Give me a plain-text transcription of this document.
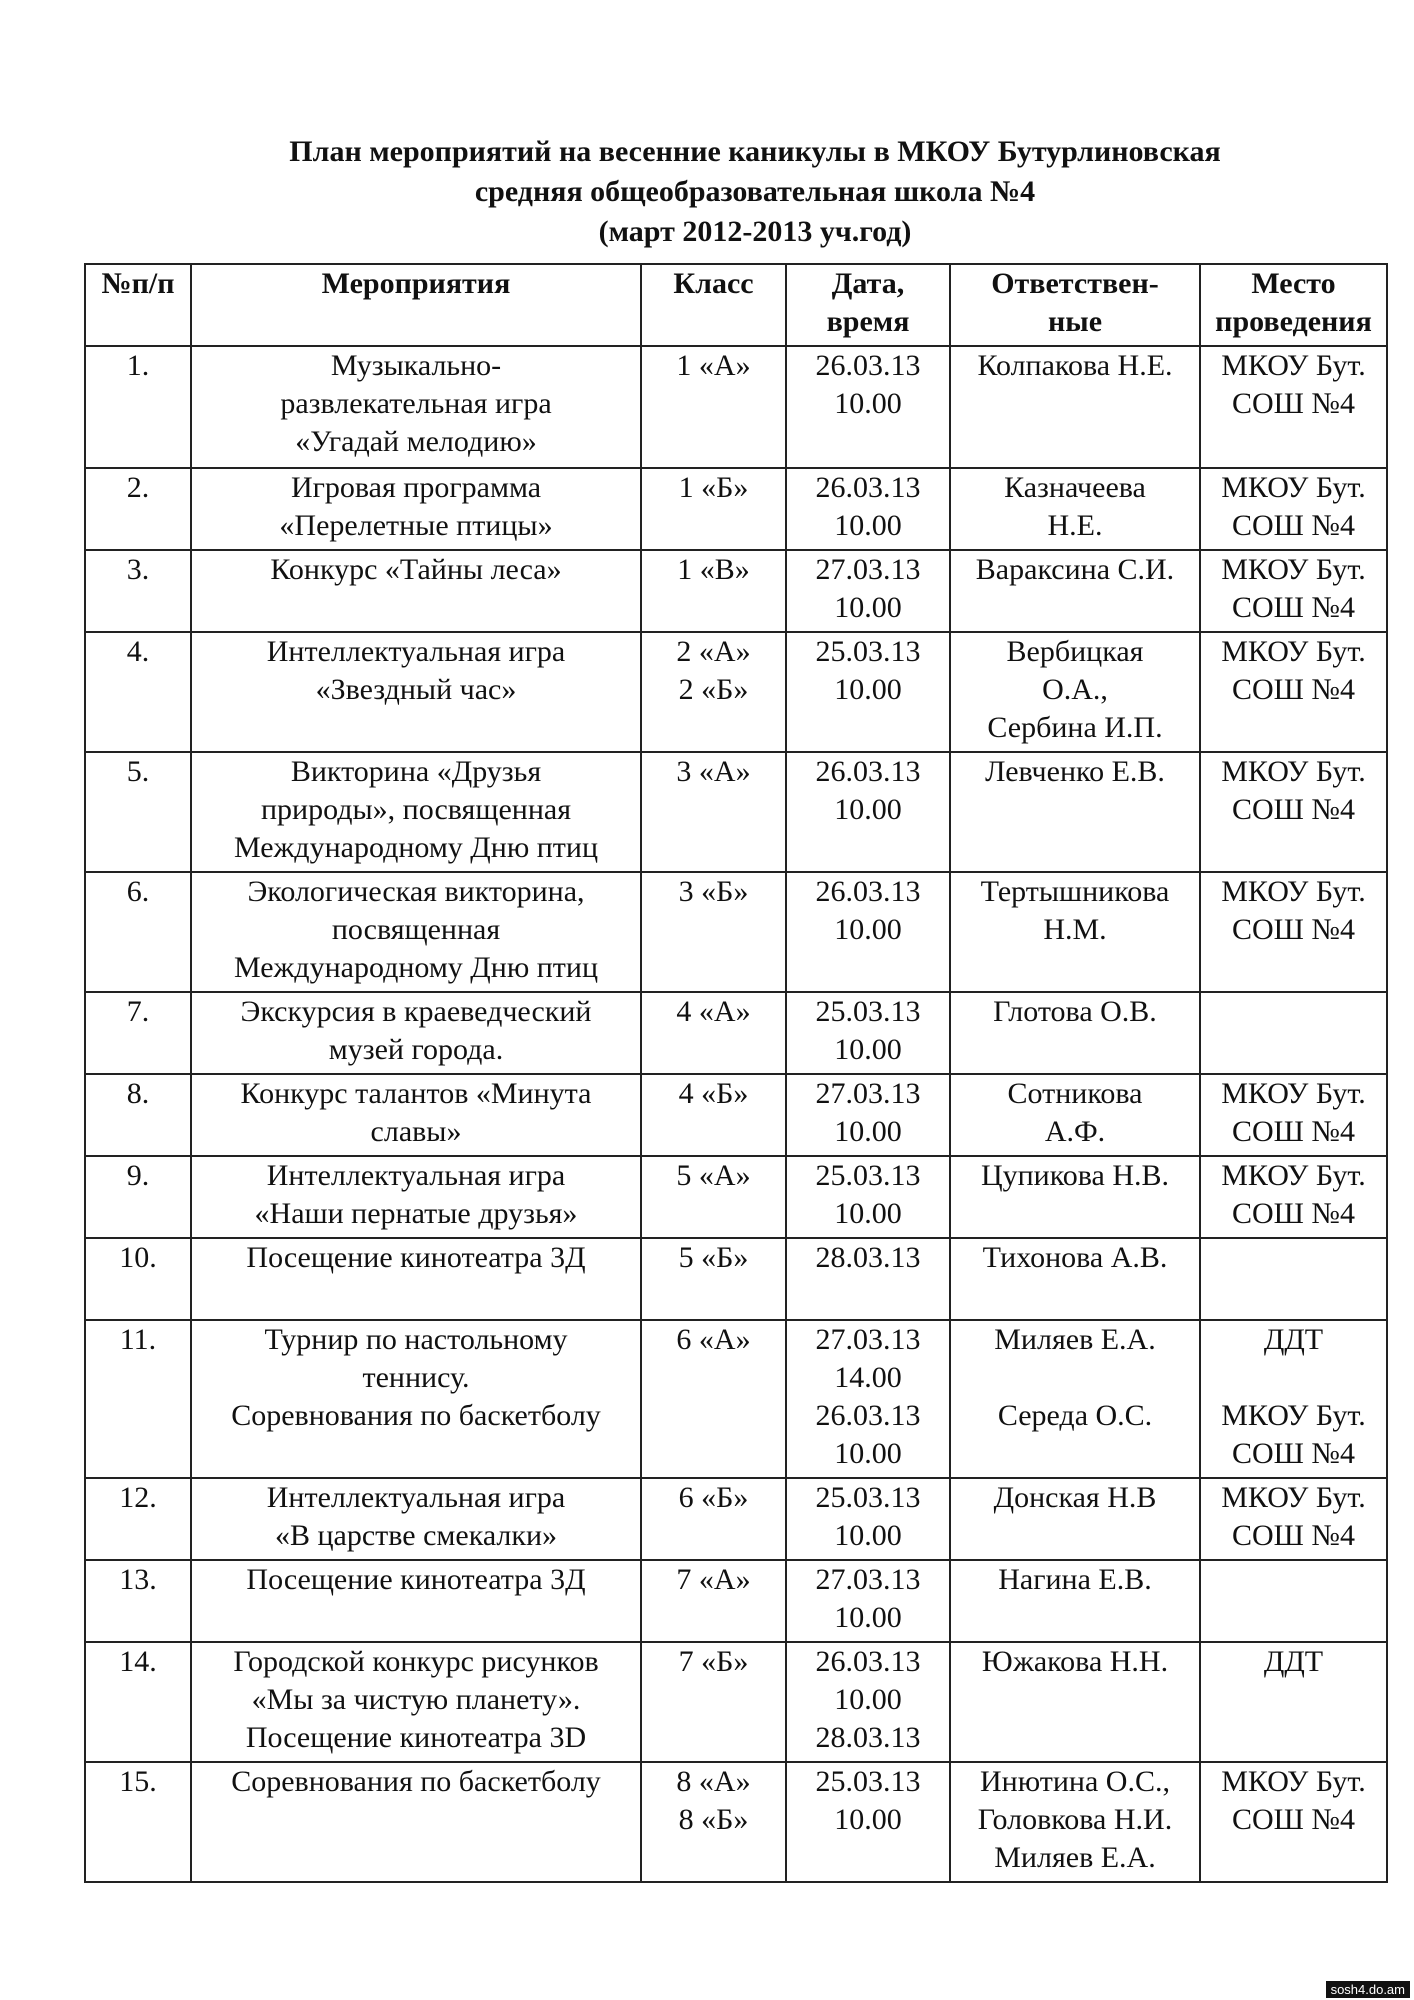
План мероприятий на весенние каникулы в МКОУ Бутурлиновская
средняя общеобразовательная школа №4
(март 2012-2013 уч.год)
№п/п	Мероприятия	Класс	Дата,
время	Ответствен-
ные	Место
проведения

1.	Музыкально-
развлекательная игра
«Угадай мелодию»	1 «А»	26.03.13
10.00	Колпакова Н.Е.	МКОУ Бут.
СОШ №4

2.	Игровая программа
«Перелетные птицы»	1 «Б»	26.03.13
10.00	Казначеева
Н.Е.	МКОУ Бут.
СОШ №4

3.	Конкурс «Тайны леса»	1 «В»	27.03.13
10.00	Вараксина С.И.	МКОУ Бут.
СОШ №4

4.	Интеллектуальная игра
«Звездный час»	2 «А»
2 «Б»	25.03.13
10.00	Вербицкая
О.А.,
Сербина И.П.	МКОУ Бут.
СОШ №4

5.	Викторина «Друзья
природы», посвященная
Международному Дню птиц	3 «А»	26.03.13
10.00	Левченко Е.В.	МКОУ Бут.
СОШ №4

6.	Экологическая викторина,
посвященная
Международному Дню птиц	3 «Б»	26.03.13
10.00	Тертышникова
Н.М.	МКОУ Бут.
СОШ №4

7.	Экскурсия в краеведческий
музей города.	4 «А»	25.03.13
10.00	Глотова О.В.	

8.	Конкурс талантов «Минута
славы»	4 «Б»	27.03.13
10.00	Сотникова
А.Ф.	МКОУ Бут.
СОШ №4

9.	Интеллектуальная игра
«Наши пернатые друзья»	5 «А»	25.03.13
10.00	Цупикова Н.В.	МКОУ Бут.
СОШ №4

10.	Посещение кинотеатра 3Д	5 «Б»	28.03.13	Тихонова А.В.	

11.	Турнир по настольному
теннису.
Соревнования по баскетболу	6 «А»	27.03.13
14.00
26.03.13
10.00	Миляев Е.А.
Середа О.С.	ДДТ
МКОУ Бут.
СОШ №4

12.	Интеллектуальная игра
«В царстве смекалки»	6 «Б»	25.03.13
10.00	Донская Н.В	МКОУ Бут.
СОШ №4

13.	Посещение кинотеатра 3Д	7 «А»	27.03.13
10.00	Нагина Е.В.	

14.	Городской конкурс рисунков
«Мы за чистую планету».
Посещение кинотеатра 3D	7 «Б»	26.03.13
10.00
28.03.13	Южакова Н.Н.	ДДТ

15.	Соревнования по баскетболу	8 «А»
8 «Б»	25.03.13
10.00	Инютина О.С.,
Головкова Н.И.
Миляев Е.А.	МКОУ Бут.
СОШ №4
sosh4.do.am
